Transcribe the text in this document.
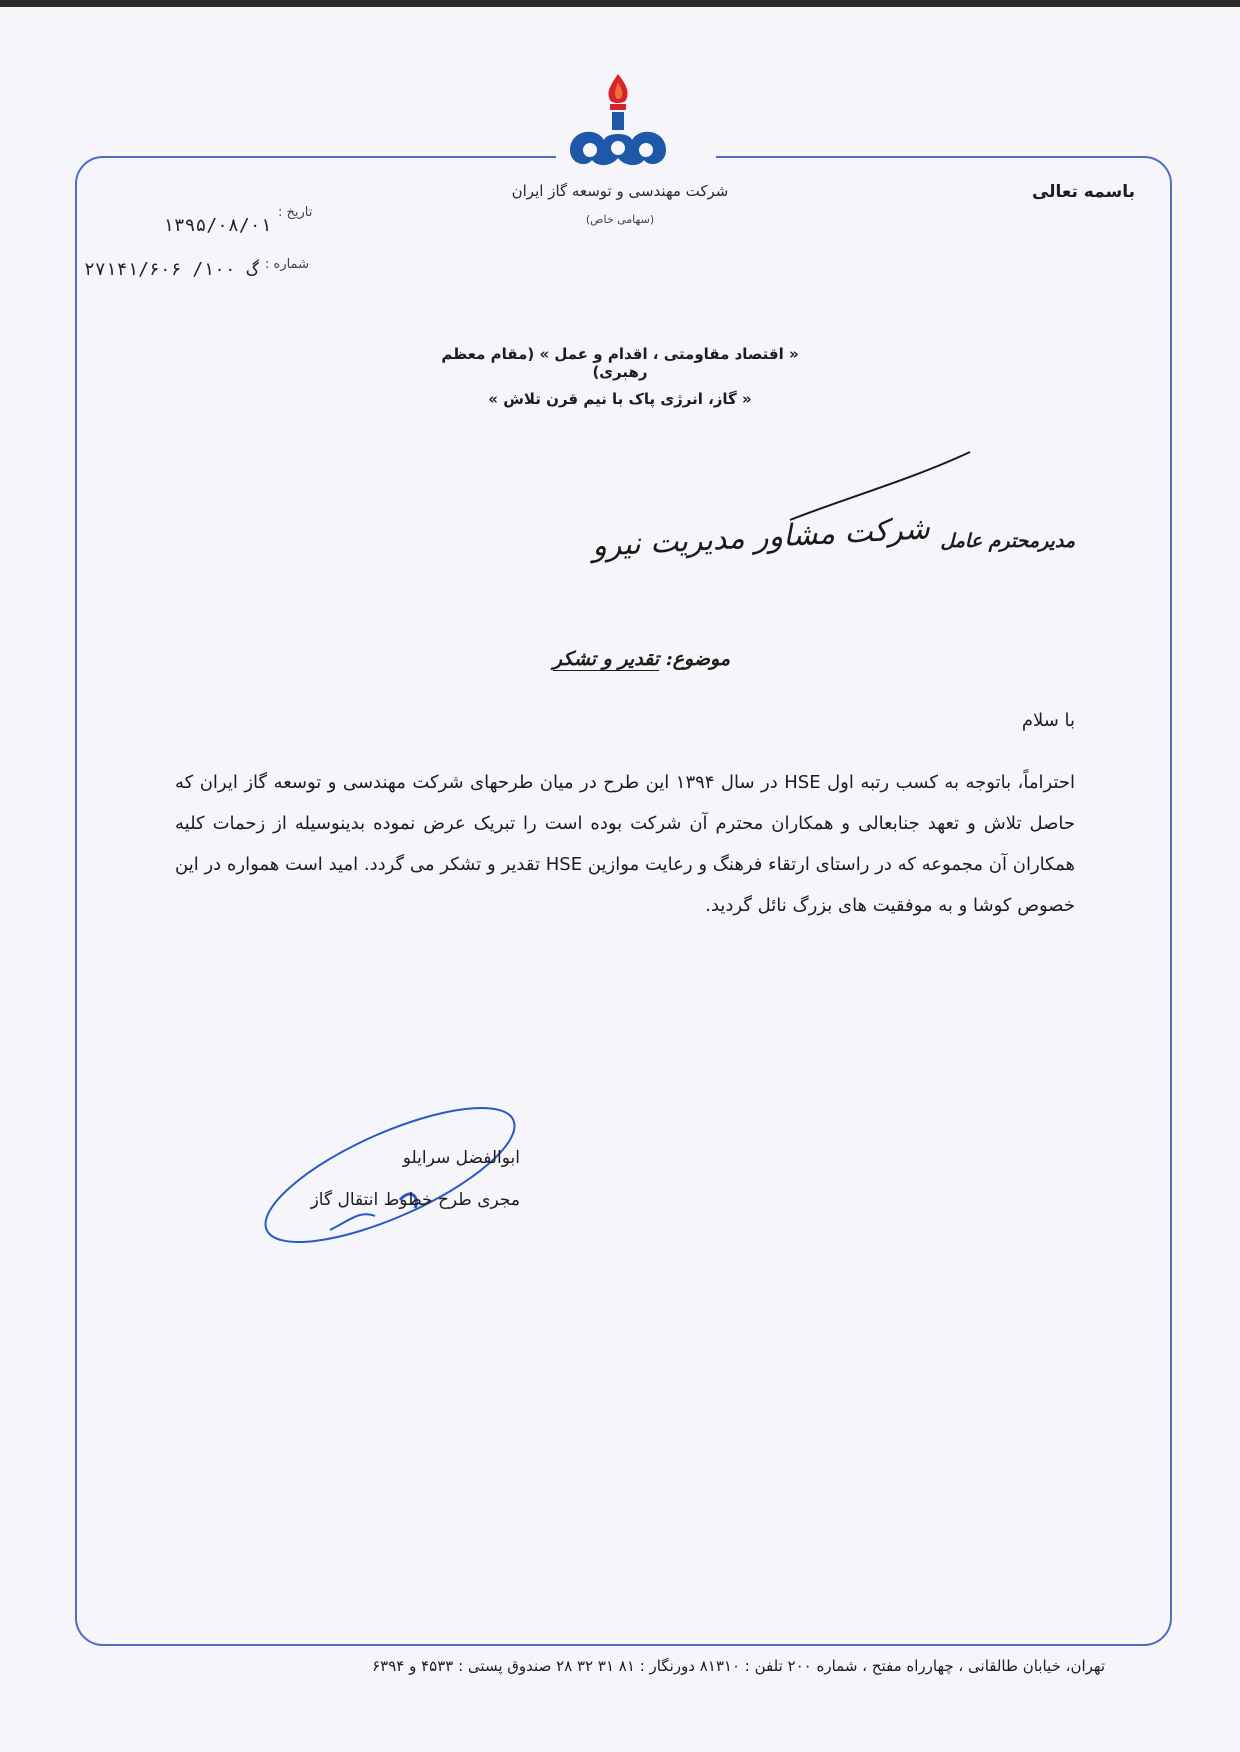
شرکت مهندسی و توسعه گاز ایران
(سهامی خاص)
باسمه تعالی
تاریخ :
۱۳۹۵/۰۸/۰۱
شماره :
گ ۱۰۰/ ۲۷۱۴۱/۶۰۶
« اقتصاد مقاومتی ، اقدام و عمل » (مقام معظم رهبری)
« گاز، انرژی پاک با نیم قرن تلاش »
مدیرمحترم عامل
شرکت مشاور مدیریت نیرو
موضوع: تقدیر و تشکر
با سلام
احتراماً، باتوجه به کسب رتبه اول HSE در سال ۱۳۹۴ این طرح در میان طرحهای شرکت مهندسی و توسعه گاز ایران که حاصل تلاش و تعهد جنابعالی و همکاران محترم آن شرکت بوده است را تبریک عرض نموده بدینوسیله از زحمات کلیه همکاران آن مجموعه که در راستای ارتقاء فرهنگ و رعایت موازین HSE تقدیر و تشکر می گردد. امید است همواره در این خصوص کوشا و به موفقیت های بزرگ نائل گردید.
ابوالفضل سرایلو
مجری طرح خطوط انتقال گاز
تهران، خیابان طالقانی ، چهارراه مفتح ، شماره ۲۰۰ تلفن : ۸۱۳۱۰ دورنگار : ۸۱ ۳۱ ۳۲ ۲۸ صندوق پستی : ۴۵۳۳ و ۶۳۹۴
